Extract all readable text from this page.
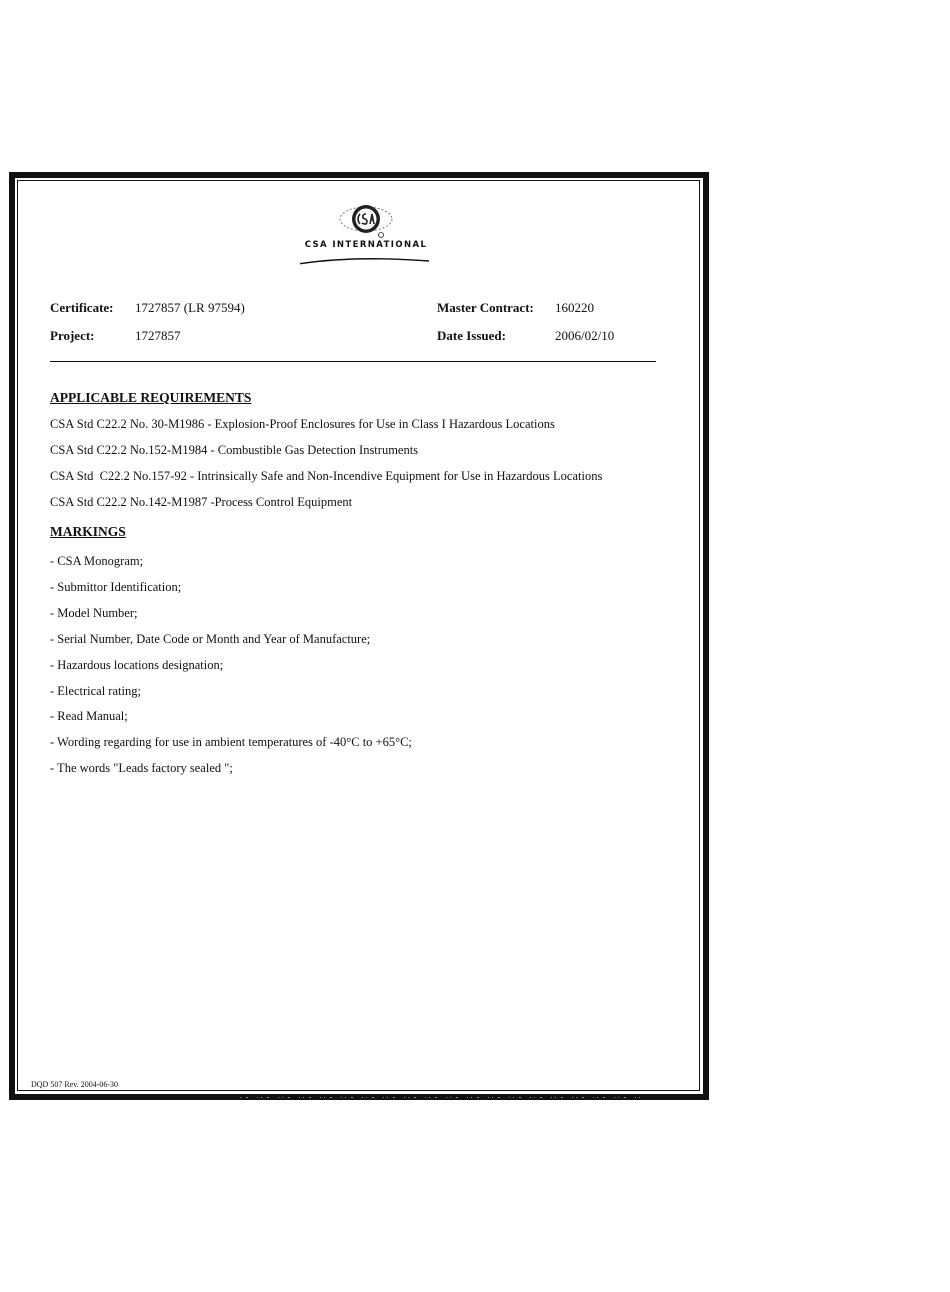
CSA INTERNATIONAL
Certificate: 1727857 (LR 97594)	Master Contract: 160220
Project:	1727857	Date Issued:	2006/02/10
APPLICABLE REQUIREMENTS
CSA Std C22.2 No. 30-M1986 - Explosion-Proof Enclosures for Use in Class I Hazardous Locations
CSA Std C22.2 No.152-M1984 - Combustible Gas Detection Instruments
CSA Std  C22.2 No.157-92 - Intrinsically Safe and Non-Incendive Equipment for Use in Hazardous Locations
CSA Std C22.2 No.142-M1987 -Process Control Equipment
MARKINGS
- CSA Monogram;
- Submittor Identification;
- Model Number;
- Serial Number, Date Code or Month and Year of Manufacture;
- Hazardous locations designation;
- Electrical rating;
- Read Manual;
- Wording regarding for use in ambient temperatures of -40°C to +65°C;
- The words "Leads factory sealed ";
DQD 507 Rev. 2004-06-30
